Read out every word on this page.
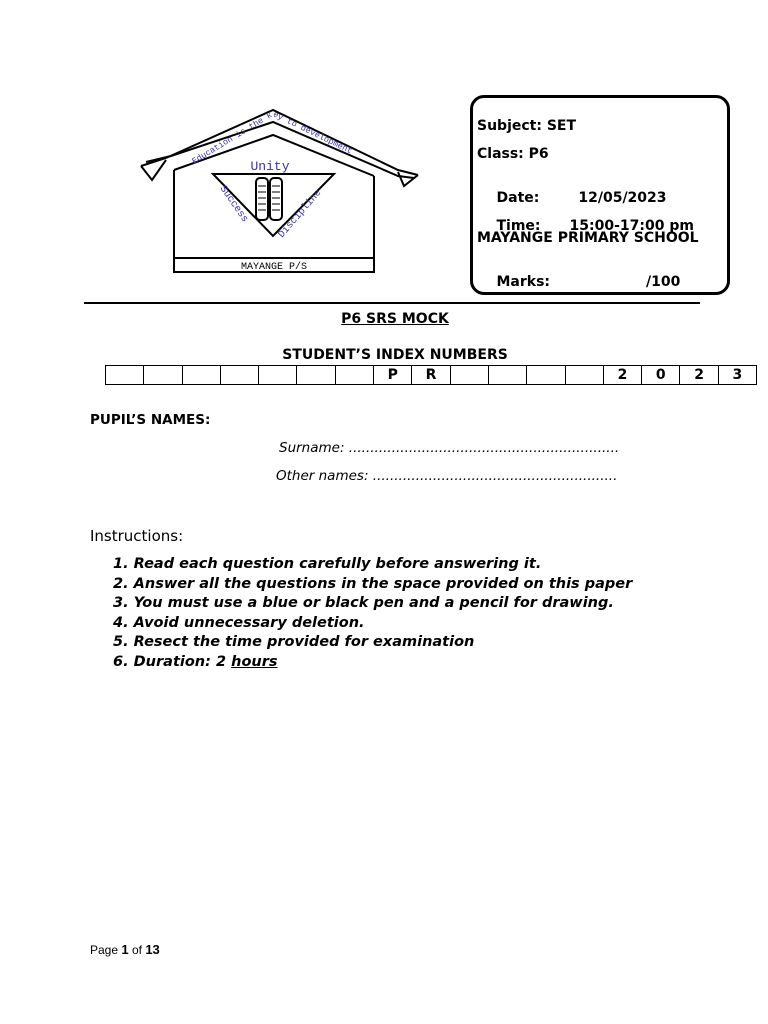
MAYANGE P/S
Education is the key to development
Unity
Success
Discipline
Subject: SET
Class: P6

Date:	12/05/2023

Time: 15:00-17:00 pm

MAYANGE PRIMARY SCHOOL

Marks:	/100

P6 SRS MOCK
STUDENT’S INDEX NUMBERS
							P	R					2	0	2	3
PUPIL’S NAMES:
Surname: ...............................................................
Other names: .........................................................
Instructions:
1. Read each question carefully before answering it.
2. Answer all the questions in the space provided on this paper
3. You must use a blue or black pen and a pencil for drawing.
4. Avoid unnecessary deletion.
5. Resect the time provided for examination
6. Duration: 2 hours
Page 1 of 13
